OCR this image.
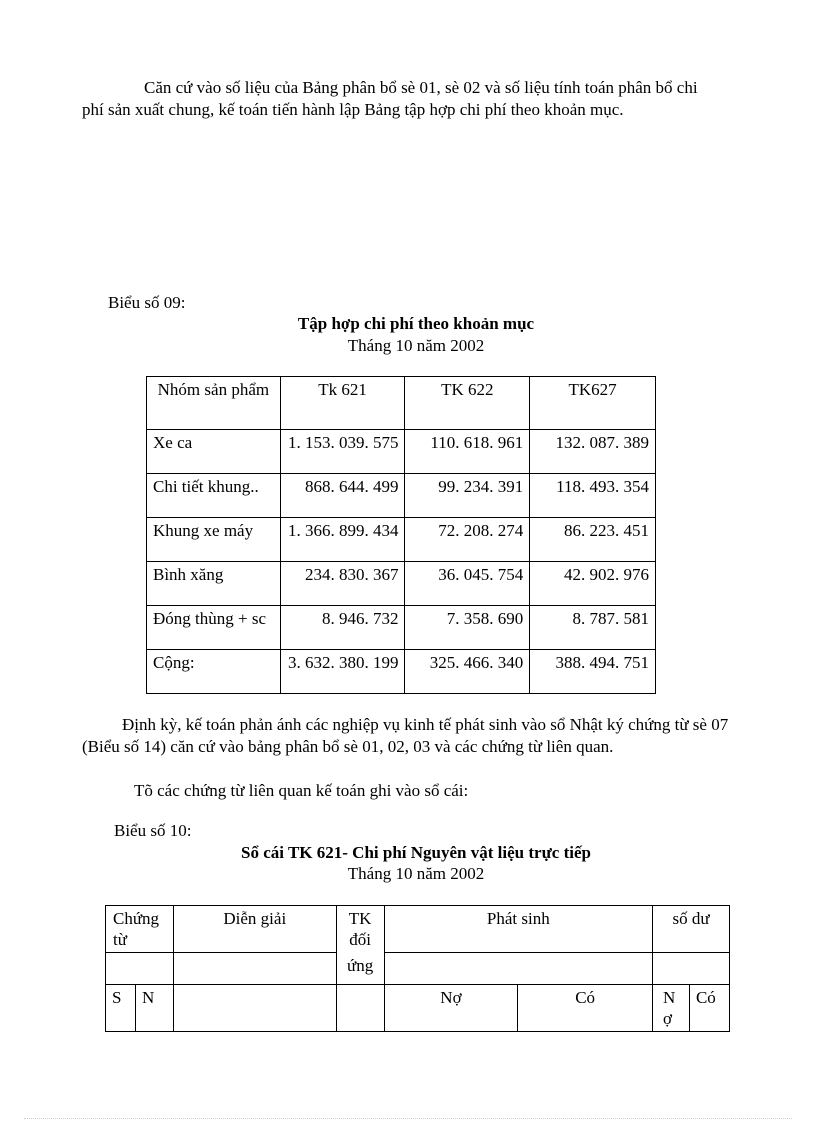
Căn cứ vào số liệu của Bảng phân bổ sè 01, sè 02 và số liệu tính toán phân bổ chi phí sản xuất chung, kế toán tiến hành lập Bảng tập hợp chi phí theo khoản mục.

Biểu số 09:

Tập hợp chi phí theo khoản mục

Tháng 10 năm 2002

Nhóm sản phẩm	Tk 621	TK 622	TK627
Xe ca	1. 153. 039. 575	110. 618. 961	132. 087. 389
Chi tiết khung..	868. 644. 499	99. 234. 391	118. 493. 354
Khung xe máy	1. 366. 899. 434	72. 208. 274	86. 223. 451
Bình xăng	234. 830. 367	36. 045. 754	42. 902. 976
Đóng thùng + sc	8. 946. 732	7. 358. 690	8. 787. 581
Cộng:	3. 632. 380. 199	325. 466. 340	388. 494. 751

Định kỳ, kế toán phản ánh các nghiệp vụ kinh tế phát sinh vào sổ Nhật ký chứng từ sè 07 (Biểu số 14) căn cứ vào bảng phân bổ sè 01, 02, 03 và các chứng từ liên quan.

Tõ các chứng từ liên quan kế toán ghi vào sổ cái:

Biểu số 10:

Sổ cái TK 621- Chi phí Nguyên vật liệu trực tiếp

Tháng 10 năm 2002

Chứng từ		Diễn giải	TK đối	Phát sinh		số dư	
			ứng				
S	N			Nợ	Có	N ợ	Có
